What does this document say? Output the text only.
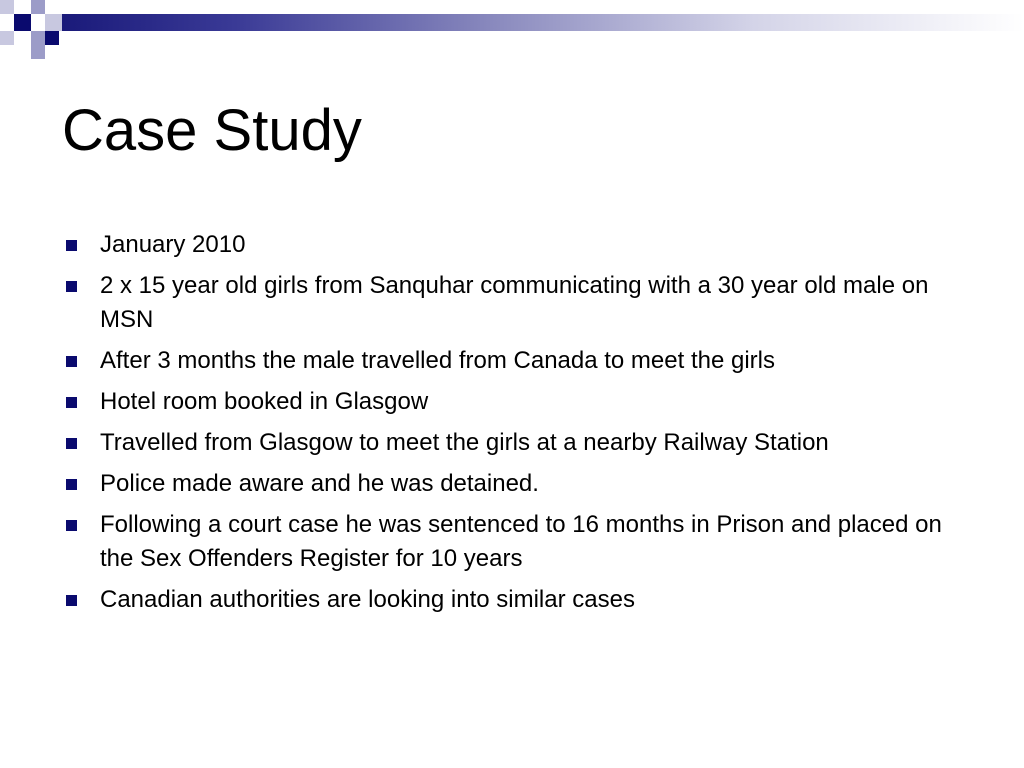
Case Study
January 2010
2 x 15 year old girls from Sanquhar communicating with a 30 year old male on MSN
After 3 months the male travelled from Canada to meet the girls
Hotel room booked in Glasgow
Travelled from Glasgow to meet the girls at a nearby Railway Station
Police made aware and he was detained.
Following a court case he was sentenced to 16 months in Prison and placed on the Sex Offenders Register for 10 years
Canadian authorities are looking into similar cases
